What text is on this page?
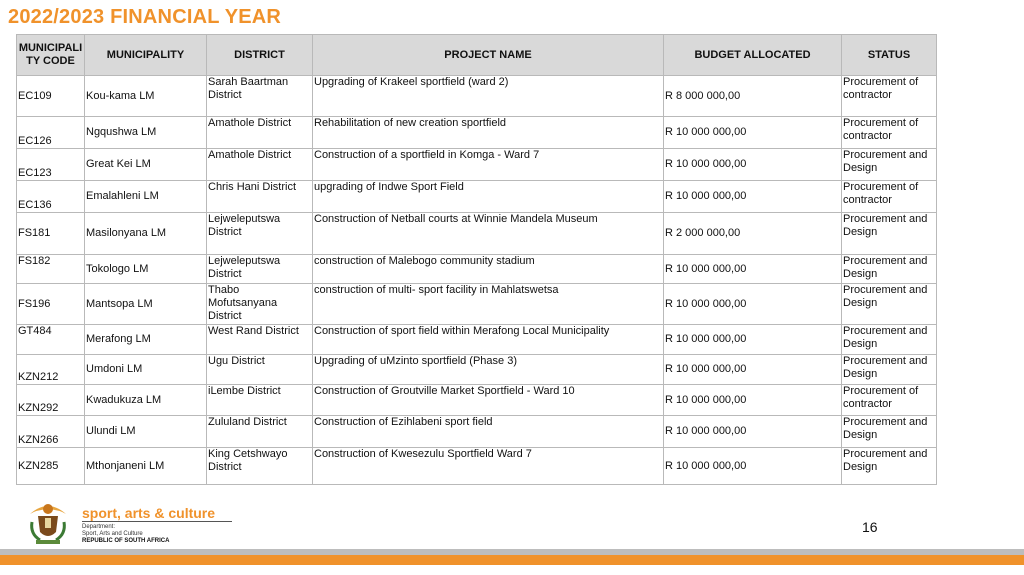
2022/2023 FINANCIAL YEAR
MUNICIPALI TY CODE	MUNICIPALITY	DISTRICT	PROJECT NAME	BUDGET ALLOCATED	STATUS
EC109	Kou-kama LM	Sarah Baartman District	Upgrading of Krakeel sportfield (ward 2)	R 8 000 000,00	Procurement of contractor
EC126	Ngqushwa LM	Amathole District	Rehabilitation of new creation sportfield	R 10 000 000,00	Procurement of contractor
EC123	Great Kei LM	Amathole District	Construction of a sportfield in Komga - Ward 7	R 10 000 000,00	Procurement and Design
EC136	Emalahleni LM	Chris Hani District	upgrading of Indwe Sport Field	R 10 000 000,00	Procurement of contractor
FS181	Masilonyana LM	Lejweleputswa District	Construction of Netball courts at Winnie Mandela Museum	R 2 000 000,00	Procurement and Design
FS182	Tokologo LM	Lejweleputswa District	construction of Malebogo community stadium	R 10 000 000,00	Procurement and Design
FS196	Mantsopa LM	Thabo Mofutsanyana District	construction of multi- sport facility in Mahlatswetsa	R 10 000 000,00	Procurement and Design
GT484	Merafong LM	West Rand District	Construction of sport field within Merafong Local Municipality	R 10 000 000,00	Procurement and Design
KZN212	Umdoni LM	Ugu District	Upgrading of uMzinto sportfield (Phase 3)	R 10 000 000,00	Procurement and Design
KZN292	Kwadukuza LM	iLembe District	Construction of Groutville Market Sportfield - Ward 10	R 10 000 000,00	Procurement of contractor
KZN266	Ulundi LM	Zululand District	Construction of Ezihlabeni sport field	R 10 000 000,00	Procurement and Design
KZN285	Mthonjaneni LM	King Cetshwayo District	Construction of Kwesezulu Sportfield Ward 7	R 10 000 000,00	Procurement and Design
sport, arts & culture
Department:
Sport, Arts and Culture
REPUBLIC OF SOUTH AFRICA
16
